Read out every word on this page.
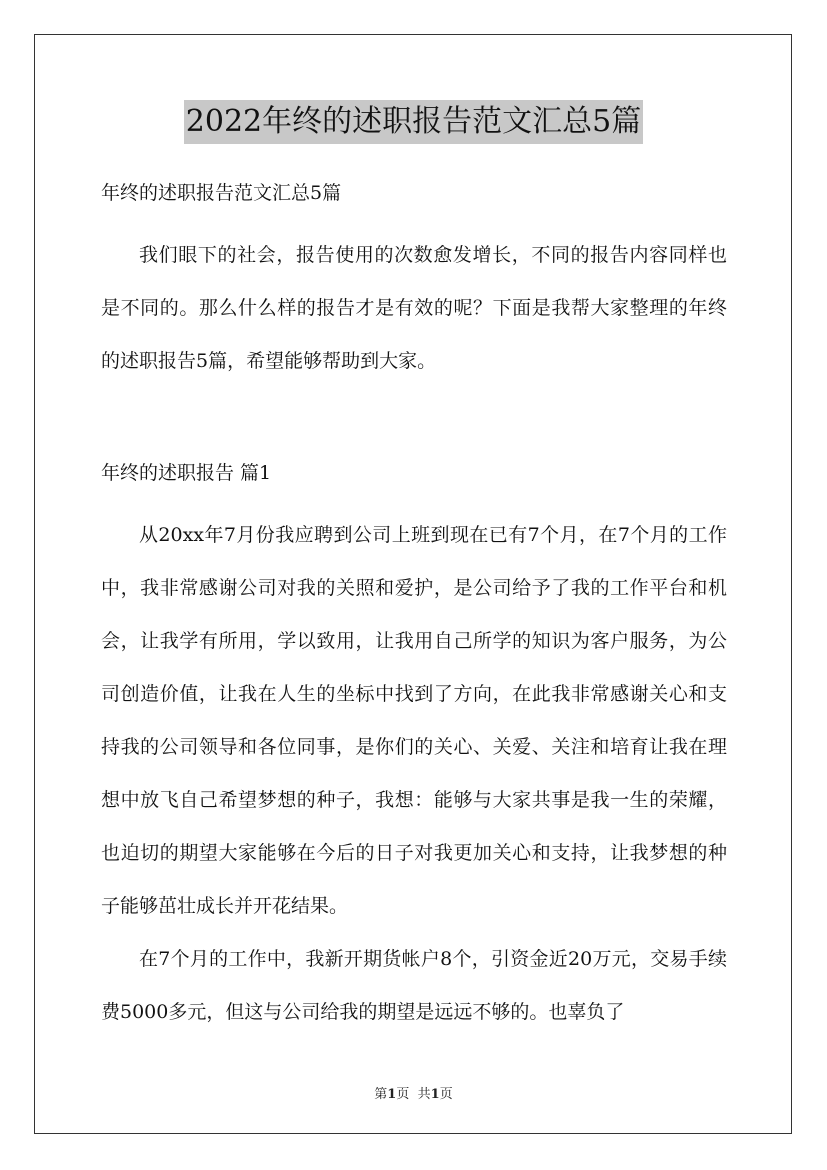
2022年终的述职报告范文汇总5篇

年终的述职报告范文汇总5篇

我们眼下的社会，报告使用的次数愈发增长，不同的报告内容同样也是不同的。那么什么样的报告才是有效的呢？下面是我帮大家整理的年终的述职报告5篇，希望能够帮助到大家。

年终的述职报告 篇1

从20xx年7月份我应聘到公司上班到现在已有7个月，在7个月的工作中，我非常感谢公司对我的关照和爱护，是公司给予了我的工作平台和机会，让我学有所用，学以致用，让我用自己所学的知识为客户服务，为公司创造价值，让我在人生的坐标中找到了方向，在此我非常感谢关心和支持我的公司领导和各位同事，是你们的关心、关爱、关注和培育让我在理想中放飞自己希望梦想的种子，我想：能够与大家共事是我一生的荣耀，也迫切的期望大家能够在今后的日子对我更加关心和支持，让我梦想的种子能够茁壮成长并开花结果。

在7个月的工作中，我新开期货帐户8个，引资金近20万元，交易手续费5000多元，但这与公司给我的期望是远远不够的。也辜负了

第1页 共1页
